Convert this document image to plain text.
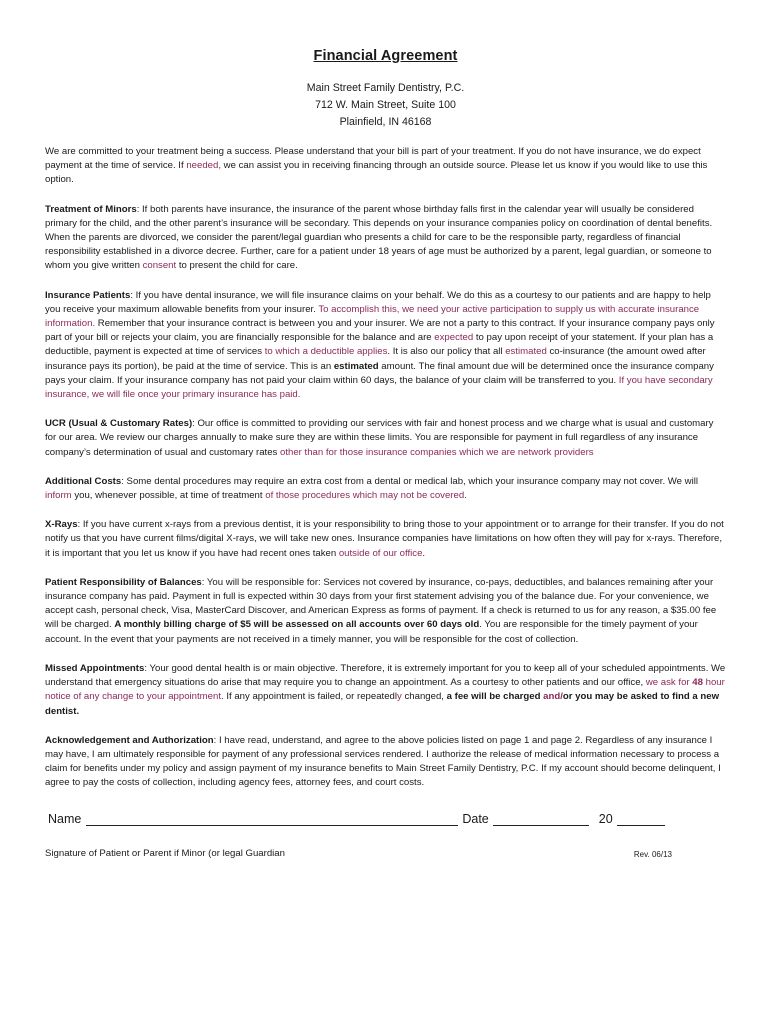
Financial Agreement
Main Street Family Dentistry, P.C.
712 W. Main Street, Suite 100
Plainfield, IN 46168

We are committed to your treatment being a success. Please understand that your bill is part of your treatment. If you do not have insurance, we do expect payment at the time of service. If needed, we can assist you in receiving financing through an outside source. Please let us know if you would like to use this option.

Treatment of Minors: If both parents have insurance, the insurance of the parent whose birthday falls first in the calendar year will usually be considered primary for the child, and the other parent’s insurance will be secondary. This depends on your insurance companies policy on coordination of dental benefits. When the parents are divorced, we consider the parent/legal guardian who presents a child for care to be the responsible party, regardless of financial responsibility established in a divorce decree. Further, care for a patient under 18 years of age must be authorized by a parent, legal guardian, or someone to whom you give written consent to present the child for care.

Insurance Patients: If you have dental insurance, we will file insurance claims on your behalf. We do this as a courtesy to our patients and are happy to help you receive your maximum allowable benefits from your insurer. To accomplish this, we need your active participation to supply us with accurate insurance information. Remember that your insurance contract is between you and your insurer. We are not a party to this contract. If your insurance company pays only part of your bill or rejects your claim, you are financially responsible for the balance and are expected to pay upon receipt of your statement. If your plan has a deductible, payment is expected at time of services to which a deductible applies. It is also our policy that all estimated co-insurance (the amount owed after insurance pays its portion), be paid at the time of service. This is an estimated amount. The final amount due will be determined once the insurance company pays your claim. If your insurance company has not paid your claim within 60 days, the balance of your claim will be transferred to you. If you have secondary insurance, we will file once your primary insurance has paid.

UCR (Usual & Customary Rates): Our office is committed to providing our services with fair and honest process and we charge what is usual and customary for our area. We review our charges annually to make sure they are within these limits. You are responsible for payment in full regardless of any insurance company’s determination of usual and customary rates other than for those insurance companies which we are network providers

Additional Costs: Some dental procedures may require an extra cost from a dental or medical lab, which your insurance company may not cover. We will inform you, whenever possible, at time of treatment of those procedures which may not be covered.

X-Rays: If you have current x-rays from a previous dentist, it is your responsibility to bring those to your appointment or to arrange for their transfer. If you do not notify us that you have current films/digital X-rays, we will take new ones. Insurance companies have limitations on how often they will pay for x-rays. Therefore, it is important that you let us know if you have had recent ones taken outside of our office.

Patient Responsibility of Balances: You will be responsible for: Services not covered by insurance, co-pays, deductibles, and balances remaining after your insurance company has paid. Payment in full is expected within 30 days from your first statement advising you of the balance due. For your convenience, we accept cash, personal check, Visa, MasterCard Discover, and American Express as forms of payment. If a check is returned to us for any reason, a $35.00 fee will be charged. A monthly billing charge of $5 will be assessed on all accounts over 60 days old. You are responsible for the timely payment of your account. In the event that your payments are not received in a timely manner, you will be responsible for the cost of collection.

Missed Appointments: Your good dental health is or main objective. Therefore, it is extremely important for you to keep all of your scheduled appointments. We understand that emergency situations do arise that may require you to change an appointment. As a courtesy to other patients and our office, we ask for 48 hour notice of any change to your appointment. If any appointment is failed, or repeatedly changed, a fee will be charged and/or you may be asked to find a new dentist.

Acknowledgement and Authorization: I have read, understand, and agree to the above policies listed on page 1 and page 2. Regardless of any insurance I may have, I am ultimately responsible for payment of any professional services rendered. I authorize the release of medical information necessary to process a claim for benefits under my policy and assign payment of my insurance benefits to Main Street Family Dentistry, P.C. If my account should become delinquent, I agree to pay the costs of collection, including agency fees, attorney fees, and court costs.

Name	Date	20
Signature of Patient or Parent if Minor (or legal Guardian	Rev. 06/13
